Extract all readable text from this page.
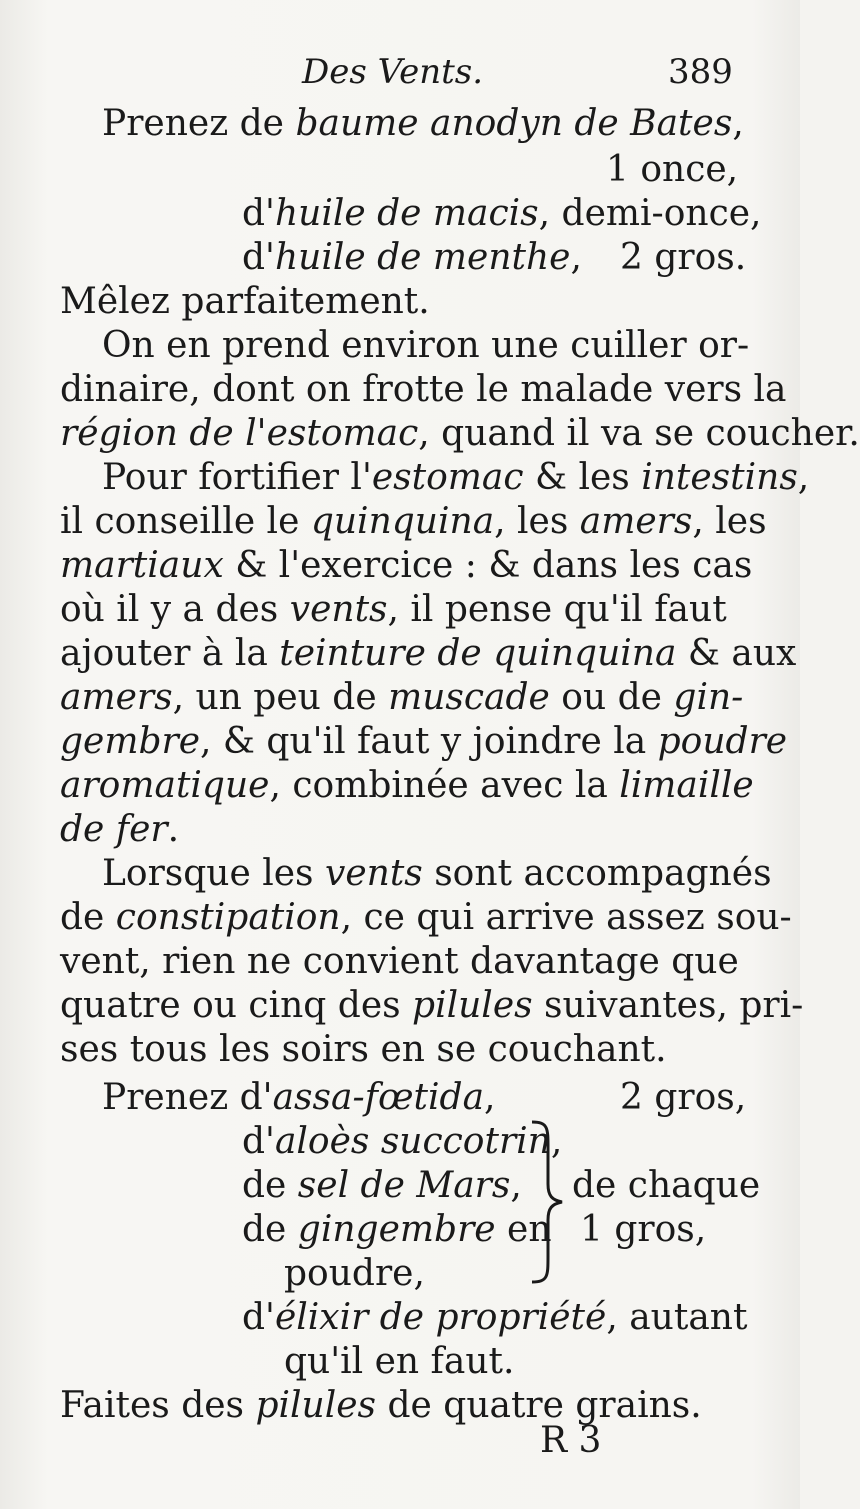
Des Vents.	389
Prenez de baume anodyn de Bates,
1 once,
d'huile de macis, demi-once,
d'huile de menthe, 2 gros.
Mêlez parfaitement.
On en prend environ une cuiller or-
dinaire, dont on frotte le malade vers la
région de l'estomac, quand il va se coucher.
Pour fortifier l'estomac & les intestins,
il conseille le quinquina, les amers, les
martiaux & l'exercice : & dans les cas
où il y a des vents, il pense qu'il faut
ajouter à la teinture de quinquina & aux
amers, un peu de muscade ou de gin-
gembre, & qu'il faut y joindre la poudre
aromatique, combinée avec la limaille
de fer.
Lorsque les vents sont accompagnés
de constipation, ce qui arrive assez sou-
vent, rien ne convient davantage que
quatre ou cinq des pilules suivantes, pri-
ses tous les soirs en se couchant.
Prenez d'assa-fœtida,	2 gros,
d'aloès succotrin,
de sel de Mars,
de gingembre en
poudre,
de chaque
1 gros,
d'élixir de propriété, autant
qu'il en faut.
Faites des pilules de quatre grains.
R 3
